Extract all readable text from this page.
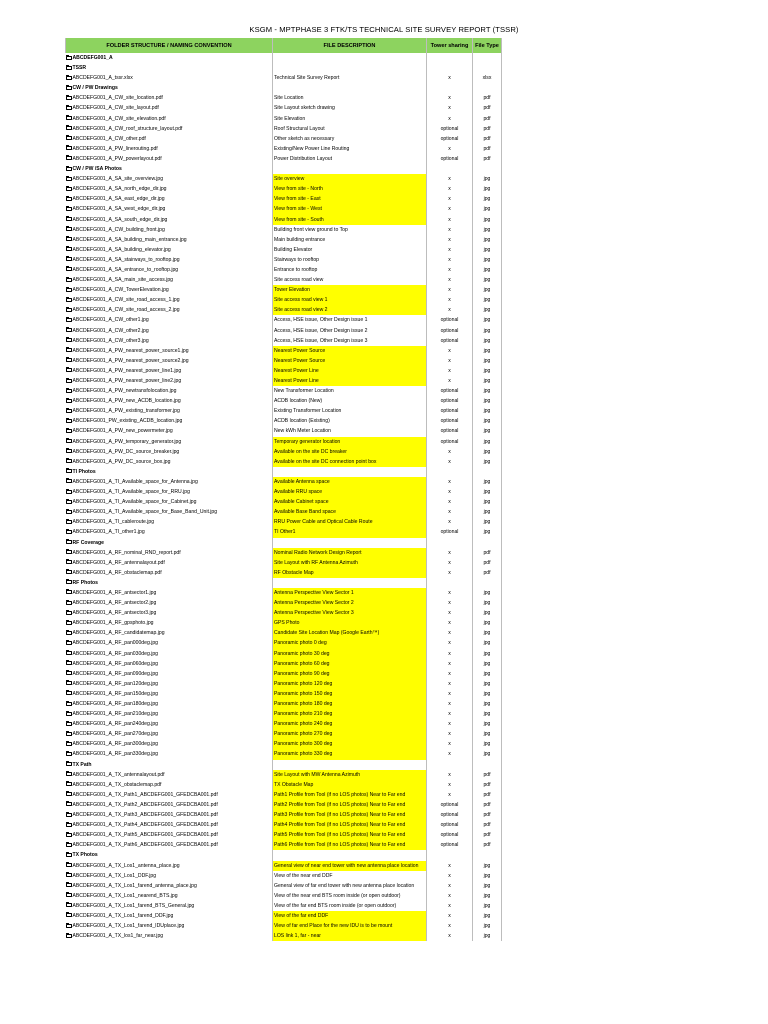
KSGM - MPTPHASE 3 FTK/TS TECHNICAL SITE SURVEY REPORT (TSSR)
FOLDER STRUCTURE / NAMING CONVENTION	FILE DESCRIPTION	Tower sharing	File Type
ABCDEFG001_A			
TSSR			
ABCDEFG001_A_tssr.xlsx	Technical Site Survey Report	x	xlsx
CW / PW Drawings			
ABCDEFG001_A_CW_site_location.pdf	Site Location	x	pdf
ABCDEFG001_A_CW_site_layout.pdf	Site Layout sketch drawing	x	pdf
ABCDEFG001_A_CW_site_elevation.pdf	Site Elevation	x	pdf
ABCDEFG001_A_CW_roof_structure_layout.pdf	Roof Structural Layout	optional	pdf
ABCDEFG001_A_CW_other.pdf	Other sketch as necessary	optional	pdf
ABCDEFG001_A_PW_linerouting.pdf	Existing/New Power Line Routing	x	pdf
ABCDEFG001_A_PW_powerlayout.pdf	Power Distribution Layout	optional	pdf
CW / PW /SA Photos			
ABCDEFG001_A_SA_site_overview.jpg	Site overview	x	jpg
ABCDEFG001_A_SA_north_edge_dir.jpg	View from site - North	x	jpg
ABCDEFG001_A_SA_east_edge_dir.jpg	View from site - East	x	jpg
ABCDEFG001_A_SA_west_edge_dir.jpg	View from site - West	x	jpg
ABCDEFG001_A_SA_south_edge_dir.jpg	View from site - South	x	jpg
ABCDEFG001_A_CW_building_front.jpg	Building front view ground to Top	x	jpg
ABCDEFG001_A_SA_building_main_entrance.jpg	Main building entrance	x	jpg
ABCDEFG001_A_SA_building_elevator.jpg	Building Elevator	x	jpg
ABCDEFG001_A_SA_stairways_to_rooftop.jpg	Stairways to rooftop	x	jpg
ABCDEFG001_A_SA_entrance_to_rooftop.jpg	Entrance to rooftop	x	jpg
ABCDEFG001_A_SA_main_site_access.jpg	Site access road view	x	jpg
ABCDEFG001_A_CW_TowerElevation.jpg	Tower Elevation	x	jpg
ABCDEFG001_A_CW_site_road_access_1.jpg	Site access road view 1	x	jpg
ABCDEFG001_A_CW_site_road_access_2.jpg	Site access road view 2	x	jpg
ABCDEFG001_A_CW_other1.jpg	Access, HSE issue, Other Design issue 1	optional	jpg
ABCDEFG001_A_CW_other2.jpg	Access, HSE issue, Other Design issue 2	optional	jpg
ABCDEFG001_A_CW_other3.jpg	Access, HSE issue, Other Design issue 3	optional	jpg
ABCDEFG001_A_PW_nearest_power_source1.jpg	Nearest Power Source	x	jpg
ABCDEFG001_A_PW_nearest_power_source2.jpg	Nearest Power Source	x	jpg
ABCDEFG001_A_PW_nearest_power_line1.jpg	Nearest Power Line	x	jpg
ABCDEFG001_A_PW_nearest_power_line2.jpg	Nearest Power Line	x	jpg
ABCDEFG001_A_PW_newtransfolocation.jpg	New Transformer Location	optional	jpg
ABCDEFG001_A_PW_new_ACDB_location.jpg	ACDB location (New)	optional	jpg
ABCDEFG001_A_PW_existing_transformer.jpg	Existing Transformer Location	optional	jpg
ABCDEFG001_PW_existing_ACDB_location.jpg	ACDB location (Existing)	optional	jpg
ABCDEFG001_A_PW_new_powermeter.jpg	New kWh Meter Location	optional	jpg
ABCDEFG001_A_PW_temporary_generator.jpg	Temporary generator location	optional	jpg
ABCDEFG001_A_PW_DC_source_breaker.jpg	Available on the site DC breaker	x	jpg
ABCDEFG001_A_PW_DC_source_box.jpg	Available on the site DC connection point box	x	jpg
TI Photos			
ABCDEFG001_A_TI_Available_space_for_Antenna.jpg	Available Antenna space	x	jpg
ABCDEFG001_A_TI_Available_space_for_RRU.jpg	Available RRU space	x	jpg
ABCDEFG001_A_TI_Available_space_for_Cabinet.jpg	Available Cabinet space	x	jpg
ABCDEFG001_A_TI_Available_space_for_Base_Band_Unit.jpg	Available Base Band space	x	jpg
ABCDEFG001_A_TI_cableroute.jpg	RRU Power Cable and Optical Cable Route	x	jpg
ABCDEFG001_A_TI_other1.jpg	TI Other1	optional	jpg
RF Coverage			
ABCDEFG001_A_RF_nominal_RND_report.pdf	Nominal Radio Network Design Report	x	pdf
ABCDEFG001_A_RF_antennalayout.pdf	Site Layout with RF Antenna Azimuth	x	pdf
ABCDEFG001_A_RF_obstaclemap.pdf	RF Obstacle Map	x	pdf
RF Photos			
ABCDEFG001_A_RF_antsector1.jpg	Antenna Perspective View Sector 1	x	jpg
ABCDEFG001_A_RF_antsector2.jpg	Antenna Perspective View Sector 2	x	jpg
ABCDEFG001_A_RF_antsector3.jpg	Antenna Perspective View Sector 3	x	jpg
ABCDEFG001_A_RF_gpsphoto.jpg	GPS Photo	x	jpg
ABCDEFG001_A_RF_candidatemap.jpg	Candidate Site Location Map (Google Earth™)	x	jpg
ABCDEFG001_A_RF_pan000deg.jpg	Panoramic photo 0 deg	x	jpg
ABCDEFG001_A_RF_pan030deg.jpg	Panoramic photo 30 deg	x	jpg
ABCDEFG001_A_RF_pan060deg.jpg	Panoramic photo 60 deg	x	jpg
ABCDEFG001_A_RF_pan090deg.jpg	Panoramic photo 90 deg	x	jpg
ABCDEFG001_A_RF_pan120deg.jpg	Panoramic photo 120 deg	x	jpg
ABCDEFG001_A_RF_pan150deg.jpg	Panoramic photo 150 deg	x	jpg
ABCDEFG001_A_RF_pan180deg.jpg	Panoramic photo 180 deg	x	jpg
ABCDEFG001_A_RF_pan210deg.jpg	Panoramic photo 210 deg	x	jpg
ABCDEFG001_A_RF_pan240deg.jpg	Panoramic photo 240 deg	x	jpg
ABCDEFG001_A_RF_pan270deg.jpg	Panoramic photo 270 deg	x	jpg
ABCDEFG001_A_RF_pan300deg.jpg	Panoramic photo 300 deg	x	jpg
ABCDEFG001_A_RF_pan330deg.jpg	Panoramic photo 330 deg	x	jpg
TX Path			
ABCDEFG001_A_TX_antennalayout.pdf	Site Layout with MW Antenna Azimuth	x	pdf
ABCDEFG001_A_TX_obstaclemap.pdf	TX Obstacle Map	x	pdf
ABCDEFG001_A_TX_Path1_ABCDEFG001_GFEDCBA001.pdf	Path1 Profile from Tool (if no LOS photos) Near to Far end	x	pdf
ABCDEFG001_A_TX_Path2_ABCDEFG001_GFEDCBA001.pdf	Path2 Profile from Tool (if no LOS photos) Near to Far end	optional	pdf
ABCDEFG001_A_TX_Path3_ABCDEFG001_GFEDCBA001.pdf	Path3 Profile from Tool (if no LOS photos) Near to Far end	optional	pdf
ABCDEFG001_A_TX_Path4_ABCDEFG001_GFEDCBA001.pdf	Path4 Profile from Tool (if no LOS photos) Near to Far end	optional	pdf
ABCDEFG001_A_TX_Path5_ABCDEFG001_GFEDCBA001.pdf	Path5 Profile from Tool (if no LOS photos) Near to Far end	optional	pdf
ABCDEFG001_A_TX_Path6_ABCDEFG001_GFEDCBA001.pdf	Path6 Profile from Tool (if no LOS photos) Near to Far end	optional	pdf
TX Photos			
ABCDEFG001_A_TX_Los1_antenna_place.jpg	General view of near end tower with new antenna place location	x	jpg
ABCDEFG001_A_TX_Los1_DDF.jpg	View of the near end DDF	x	jpg
ABCDEFG001_A_TX_Los1_farend_antenna_place.jpg	General view of far end tower with new antenna place location	x	jpg
ABCDEFG001_A_TX_Los1_nearend_BTS.jpg	View of the near end BTS room inside (or open outdoor)	x	jpg
ABCDEFG001_A_TX_Los1_farend_BTS_General.jpg	View of the far end BTS room inside (or open outdoor)	x	jpg
ABCDEFG001_A_TX_Los1_farend_DDF.jpg	View of the far end DDF	x	jpg
ABCDEFG001_A_TX_Los1_farend_IDUplace.jpg	View of far end Place for the new IDU is to be mount	x	jpg
ABCDEFG001_A_TX_los1_far_near.jpg	LOS link 1, far - near	x	jpg
